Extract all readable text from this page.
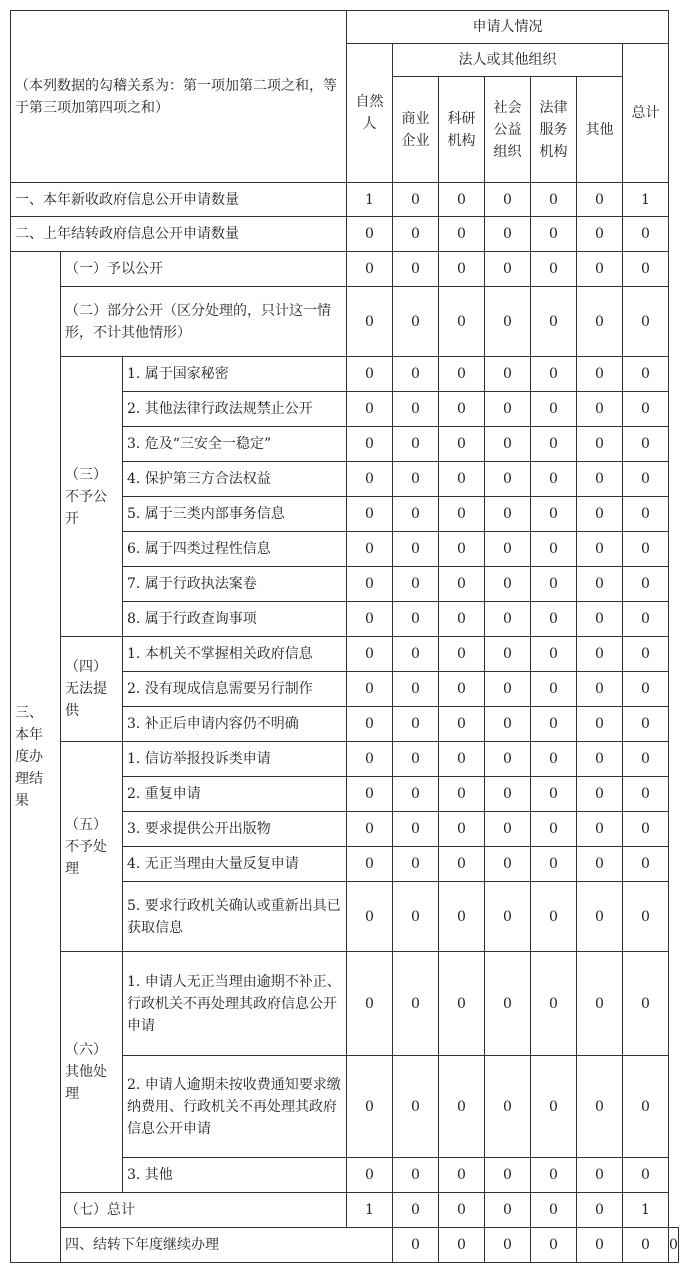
（本列数据的勾稽关系为：第一项加第二项之和，等于第三项加第四项之和）			申请人情况							
			自然人	法人或其他组织					总计	
				商业企业	科研机构	社会公益组织	法律服务机构	其他		
一、本年新收政府信息公开申请数量			1	0	0	0	0	0	1	
二、上年结转政府信息公开申请数量			0	0	0	0	0	0	0	
三、本年度办理结果	（一）予以公开		0	0	0	0	0	0	0	
	（二）部分公开（区分处理的，只计这一情形，不计其他情形）		0	0	0	0	0	0	0	
	（三）不予公开	1. 属于国家秘密	0	0	0	0	0	0	0	
		2. 其他法律行政法规禁止公开	0	0	0	0	0	0	0	
		3. 危及“三安全一稳定”	0	0	0	0	0	0	0	
		4. 保护第三方合法权益	0	0	0	0	0	0	0	
		5. 属于三类内部事务信息	0	0	0	0	0	0	0	
		6. 属于四类过程性信息	0	0	0	0	0	0	0	
		7. 属于行政执法案卷	0	0	0	0	0	0	0	
		8. 属于行政查询事项	0	0	0	0	0	0	0	
	（四）无法提供	1. 本机关不掌握相关政府信息	0	0	0	0	0	0	0	
		2. 没有现成信息需要另行制作	0	0	0	0	0	0	0	
		3. 补正后申请内容仍不明确	0	0	0	0	0	0	0	
	（五）不予处理	1. 信访举报投诉类申请	0	0	0	0	0	0	0	
		2. 重复申请	0	0	0	0	0	0	0	
		3. 要求提供公开出版物	0	0	0	0	0	0	0	
		4. 无正当理由大量反复申请	0	0	0	0	0	0	0	
		5. 要求行政机关确认或重新出具已获取信息	0	0	0	0	0	0	0	
	（六）其他处理	1. 申请人无正当理由逾期不补正、行政机关不再处理其政府信息公开申请	0	0	0	0	0	0	0	
		2. 申请人逾期未按收费通知要求缴纳费用、行政机关不再处理其政府信息公开申请	0	0	0	0	0	0	0	
		3. 其他	0	0	0	0	0	0	0	
	（七）总计		1	0	0	0	0	0	1	
	四、结转下年度继续办理			0	0	0	0	0	0	0
